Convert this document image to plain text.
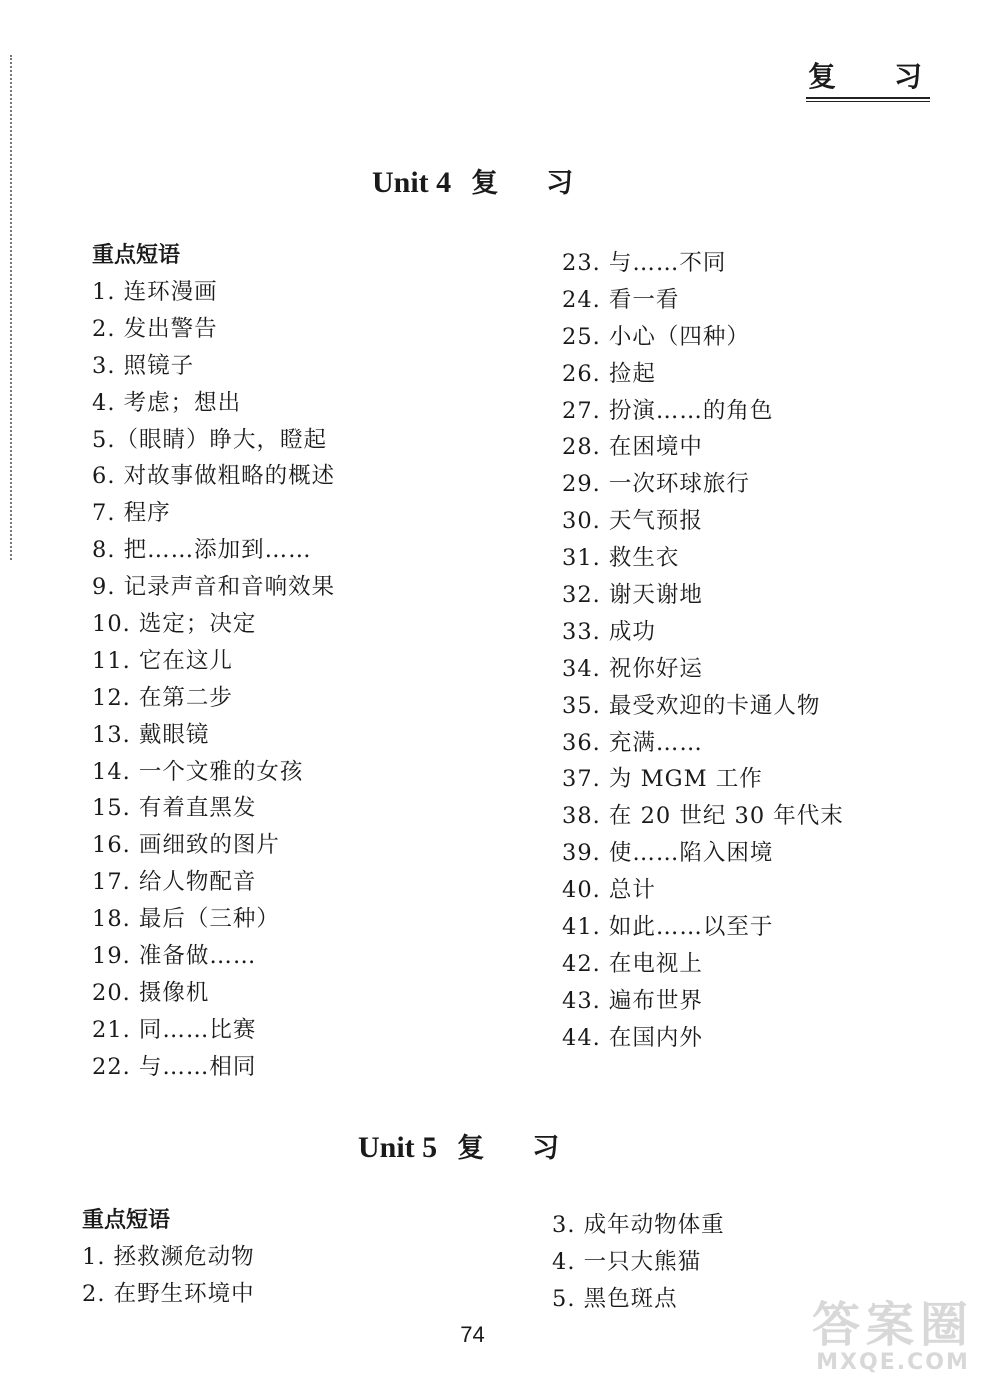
复习
Unit 4 复习
重点短语
1. 连环漫画
2. 发出警告
3. 照镜子
4. 考虑；想出
5.（眼睛）睁大，瞪起
6. 对故事做粗略的概述
7. 程序
8. 把……添加到……
9. 记录声音和音响效果
10. 选定；决定
11. 它在这儿
12. 在第二步
13. 戴眼镜
14. 一个文雅的女孩
15. 有着直黑发
16. 画细致的图片
17. 给人物配音
18. 最后（三种）
19. 准备做……
20. 摄像机
21. 同……比赛
22. 与……相同
23. 与……不同
24. 看一看
25. 小心（四种）
26. 捡起
27. 扮演……的角色
28. 在困境中
29. 一次环球旅行
30. 天气预报
31. 救生衣
32. 谢天谢地
33. 成功
34. 祝你好运
35. 最受欢迎的卡通人物
36. 充满……
37. 为 MGM 工作
38. 在 20 世纪 30 年代末
39. 使……陷入困境
40. 总计
41. 如此……以至于
42. 在电视上
43. 遍布世界
44. 在国内外
Unit 5 复习
重点短语
1. 拯救濒危动物
2. 在野生环境中
3. 成年动物体重
4. 一只大熊猫
5. 黑色斑点
74	答案圈
MXQE.COM
